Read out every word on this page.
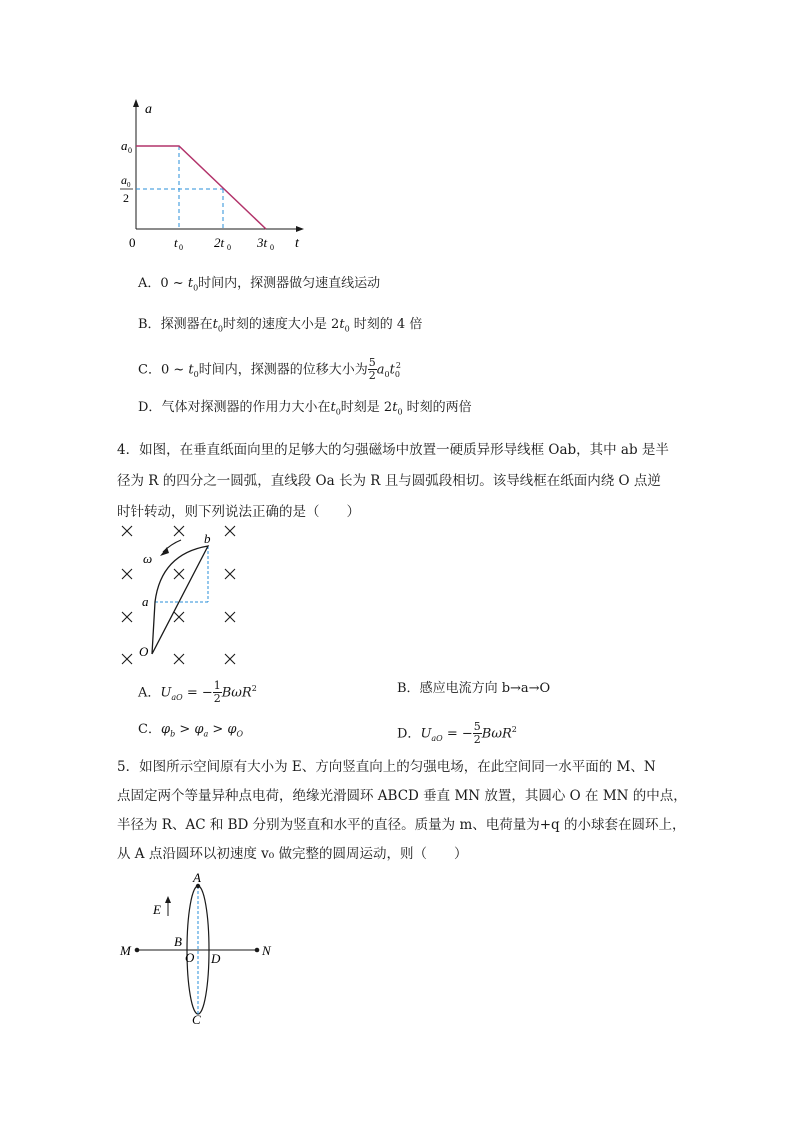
a
t
0
a 0
a 0
2
t 0 2t 0 3t 0
A．0 ~ $t_0$时间内，探测器做匀速直线运动
B．探测器在$t_0$时刻的速度大小是 $2t_0$ 时刻的 4 倍
C．0 ~ $t_0$时间内，探测器的位移大小为 $\frac{5}{2} a_0t_0^2$
D．气体对探测器的作用力大小在$t_0$时刻是 $2t_0$ 时刻的两倍
4．如图，在垂直纸面向里的足够大的匀强磁场中放置一硬质异形导线框 Oab，其中 ab 是半
径为 R 的四分之一圆弧，直线段 Oa 长为 R 且与圆弧段相切。该导线框在纸面内绕 O 点逆
时针转动，则下列说法正确的是（　　）
b
a
O
ω
A．$U_{aO}$ = − $\frac{1}{2} B\omega R^2$	B．感应电流方向 b→a→O
C．$\varphi_b > \varphi_a > \varphi_O$	D．$U_{aO}$ = − $\frac{5}{2} B\omega R^2$
5．如图所示空间原有大小为 E、方向竖直向上的匀强电场，在此空间同一水平面的 M、N
点固定两个等量异种点电荷，绝缘光滑圆环 ABCD 垂直 MN 放置，其圆心 O 在 MN 的中点，
半径为 R、AC 和 BD 分别为竖直和水平的直径。质量为 m、电荷量为+q 的小球套在圆环上，
从 A 点沿圆环以初速度 v₀ 做完整的圆周运动，则（　　）
A
B
O D
C
M	N
E
